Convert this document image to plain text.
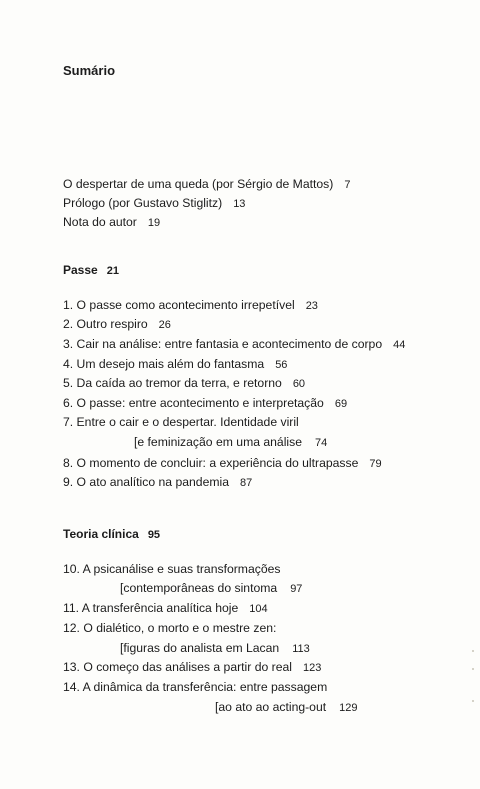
Sumário
O despertar de uma queda (por Sérgio de Mattos) 7
Prólogo (por Gustavo Stiglitz) 13
Nota do autor 19
Passe 21
1. O passe como acontecimento irrepetível 23
2. Outro respiro 26
3. Cair na análise: entre fantasia e acontecimento de corpo 44
4. Um desejo mais além do fantasma 56
5. Da caída ao tremor da terra, e retorno 60
6. O passe: entre acontecimento e interpretação 69
7. Entre o cair e o despertar. Identidade viril
[e feminização em uma análise 74
8. O momento de concluir: a experiência do ultrapasse 79
9. O ato analítico na pandemia 87
Teoria clínica 95
10. A psicanálise e suas transformações
[contemporâneas do sintoma 97
11. A transferência analítica hoje 104
12. O dialético, o morto e o mestre zen:
[figuras do analista em Lacan 113
13. O começo das análises a partir do real 123
14. A dinâmica da transferência: entre passagem
[ao ato ao acting-out 129
